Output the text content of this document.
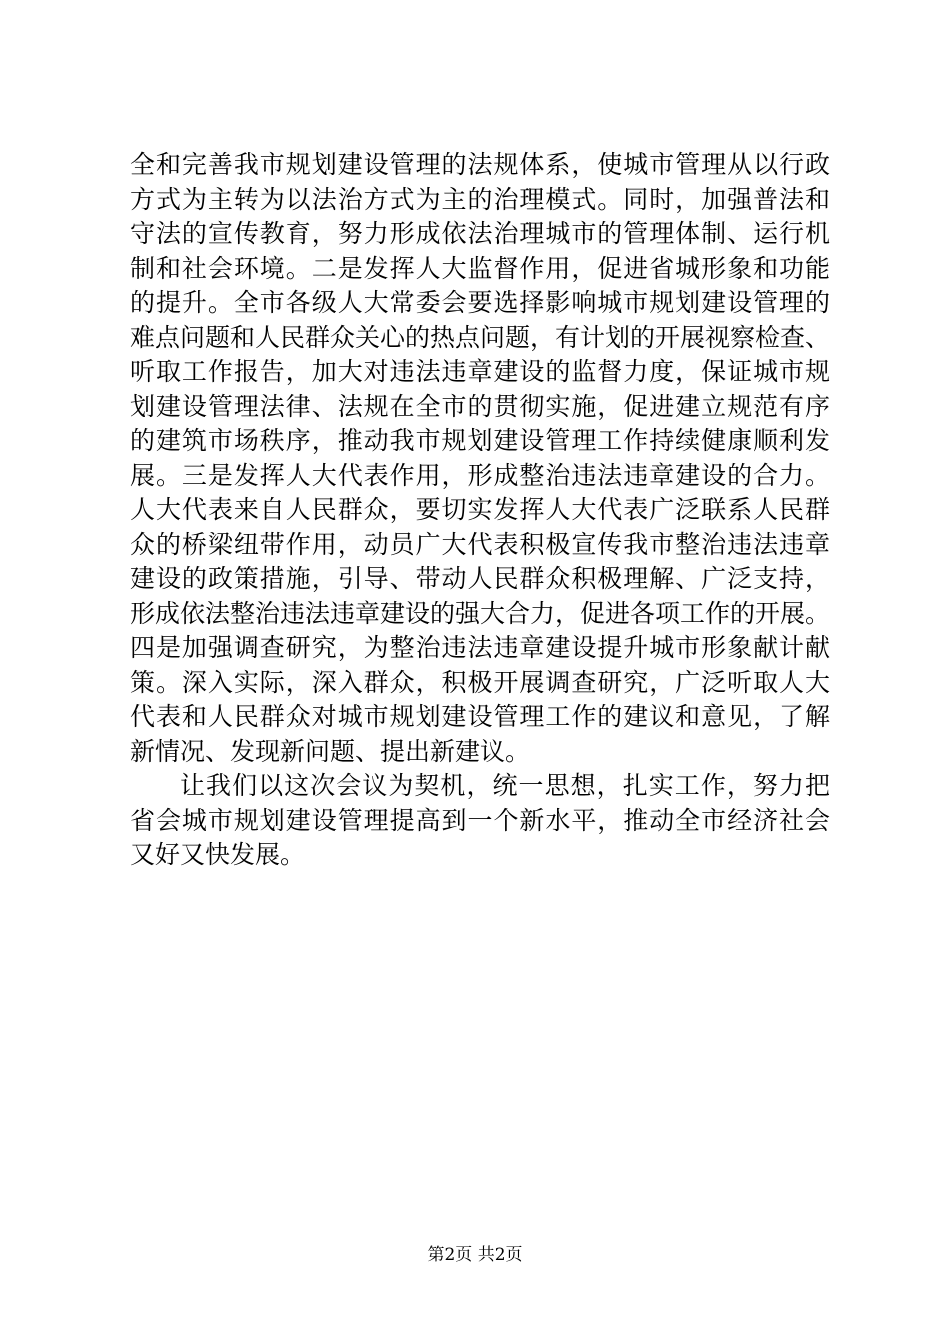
全和完善我市规划建设管理的法规体系，使城市管理从以行政
方式为主转为以法治方式为主的治理模式。同时，加强普法和
守法的宣传教育，努力形成依法治理城市的管理体制、运行机
制和社会环境。二是发挥人大监督作用，促进省城形象和功能
的提升。全市各级人大常委会要选择影响城市规划建设管理的
难点问题和人民群众关心的热点问题，有计划的开展视察检查、
听取工作报告，加大对违法违章建设的监督力度，保证城市规
划建设管理法律、法规在全市的贯彻实施，促进建立规范有序
的建筑市场秩序，推动我市规划建设管理工作持续健康顺利发
展。三是发挥人大代表作用，形成整治违法违章建设的合力。
人大代表来自人民群众，要切实发挥人大代表广泛联系人民群
众的桥梁纽带作用，动员广大代表积极宣传我市整治违法违章
建设的政策措施，引导、带动人民群众积极理解、广泛支持，
形成依法整治违法违章建设的强大合力，促进各项工作的开展。
四是加强调查研究，为整治违法违章建设提升城市形象献计献
策。深入实际，深入群众，积极开展调查研究，广泛听取人大
代表和人民群众对城市规划建设管理工作的建议和意见，了解
新情况、发现新问题、提出新建议。
让我们以这次会议为契机，统一思想，扎实工作，努力把
省会城市规划建设管理提高到一个新水平，推动全市经济社会
又好又快发展。
第2页 共2页
